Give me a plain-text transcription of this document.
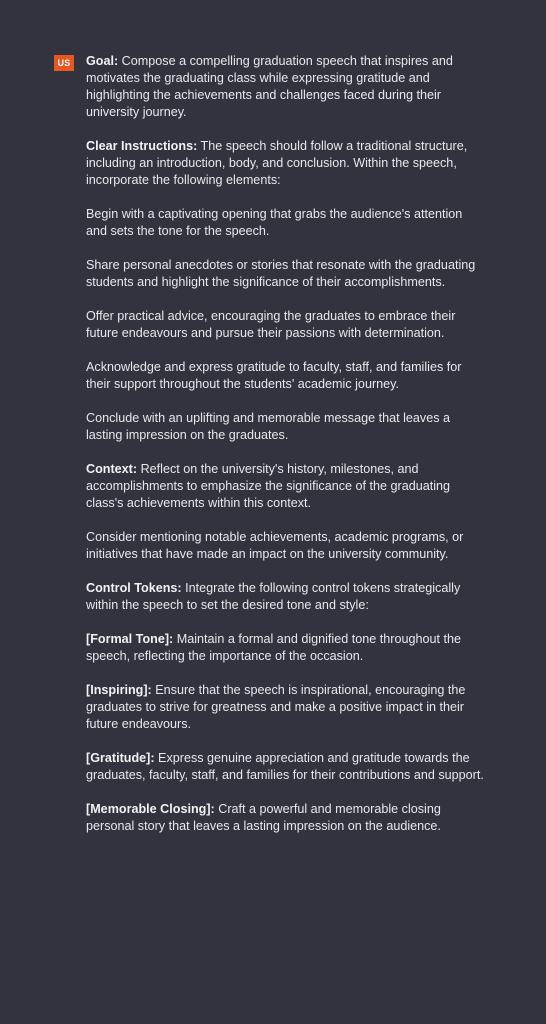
US Goal: Compose a compelling graduation speech that inspires and motivates the graduating class while expressing gratitude and highlighting the achievements and challenges faced during their university journey.

Clear Instructions: The speech should follow a traditional structure, including an introduction, body, and conclusion. Within the speech, incorporate the following elements:

Begin with a captivating opening that grabs the audience's attention and sets the tone for the speech.

Share personal anecdotes or stories that resonate with the graduating students and highlight the significance of their accomplishments.

Offer practical advice, encouraging the graduates to embrace their future endeavours and pursue their passions with determination.

Acknowledge and express gratitude to faculty, staff, and families for their support throughout the students' academic journey.

Conclude with an uplifting and memorable message that leaves a lasting impression on the graduates.

Context: Reflect on the university's history, milestones, and accomplishments to emphasize the significance of the graduating class's achievements within this context.

Consider mentioning notable achievements, academic programs, or initiatives that have made an impact on the university community.

Control Tokens: Integrate the following control tokens strategically within the speech to set the desired tone and style:

[Formal Tone]: Maintain a formal and dignified tone throughout the speech, reflecting the importance of the occasion.

[Inspiring]: Ensure that the speech is inspirational, encouraging the graduates to strive for greatness and make a positive impact in their future endeavours.

[Gratitude]: Express genuine appreciation and gratitude towards the graduates, faculty, staff, and families for their contributions and support.

[Memorable Closing]: Craft a powerful and memorable closing personal story that leaves a lasting impression on the audience.
